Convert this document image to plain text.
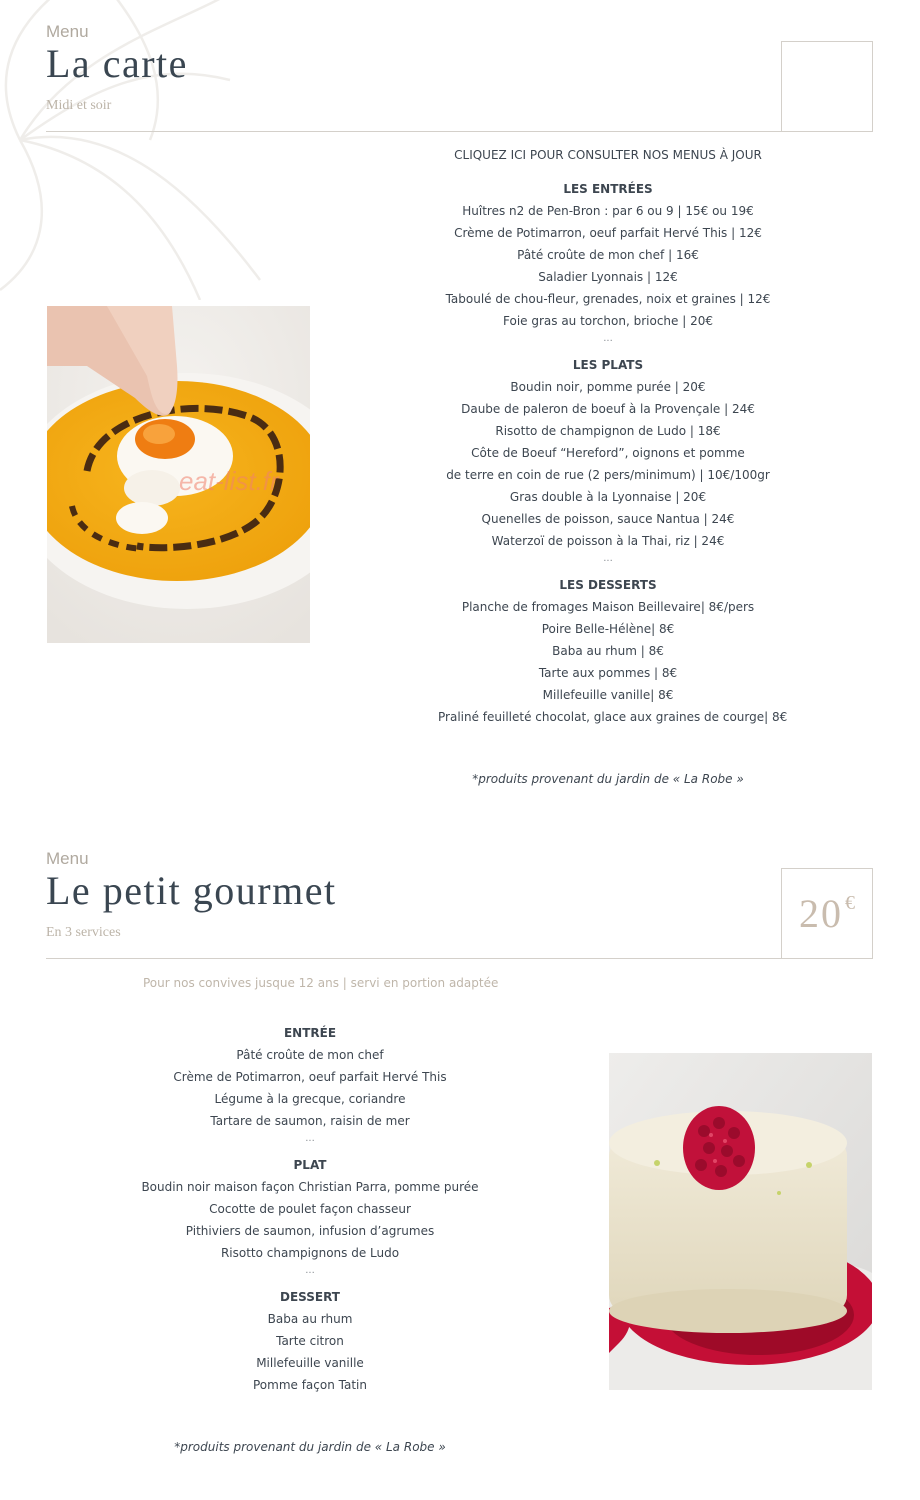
Menu
La carte
Midi et soir
eat-list.fr
CLIQUEZ ICI POUR CONSULTER NOS MENUS À JOUR
LES ENTRÉES
Huîtres n2 de Pen-Bron : par 6 ou 9 | 15€ ou 19€
Crème de Potimarron, oeuf parfait Hervé This | 12€
Pâté croûte de mon chef | 16€
Saladier Lyonnais | 12€
Taboulé de chou-fleur, grenades, noix et graines | 12€
Foie gras au torchon, brioche | 20€
...
LES PLATS
Boudin noir, pomme purée | 20€
Daube de paleron de boeuf à la Provençale | 24€
Risotto de champignon de Ludo | 18€
Côte de Boeuf “Hereford”, oignons et pomme
de terre en coin de rue (2 pers/minimum) | 10€/100gr
Gras double à la Lyonnaise | 20€
Quenelles de poisson, sauce Nantua | 24€
Waterzoï de poisson à la Thai, riz | 24€
...
LES DESSERTS
Planche de fromages Maison Beillevaire| 8€/pers
Poire Belle-Hélène| 8€
Baba au rhum | 8€
Tarte aux pommes | 8€
Millefeuille vanille| 8€
Praliné feuilleté chocolat, glace aux graines de courge| 8€
*produits provenant du jardin de « La Robe »
Menu
Le petit gourmet
En 3 services	20 €
Pour nos convives jusque 12 ans | servi en portion adaptée
ENTRÉE
Pâté croûte de mon chef
Crème de Potimarron, oeuf parfait Hervé This
Légume à la grecque, coriandre
Tartare de saumon, raisin de mer
...
PLAT
Boudin noir maison façon Christian Parra, pomme purée
Cocotte de poulet façon chasseur
Pithiviers de saumon, infusion d’agrumes
Risotto champignons de Ludo
...
DESSERT
Baba au rhum
Tarte citron
Millefeuille vanille
Pomme façon Tatin
*produits provenant du jardin de « La Robe »
